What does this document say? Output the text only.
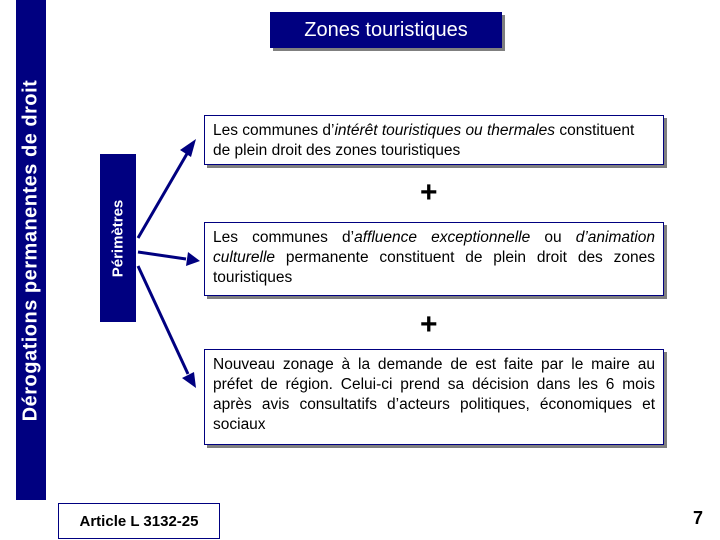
Zones touristiques
Dérogations permanentes de droit	Périmètres
Les communes d’intérêt touristiques ou thermales constituent de plein droit des zones touristiques
+
Les communes d’affluence exceptionnelle ou d’animation culturelle permanente constituent de plein droit des zones touristiques
+
Nouveau zonage à la demande de est faite par le maire au préfet de région. Celui-ci prend sa décision dans les 6 mois après avis consultatifs d’acteurs politiques, économiques et sociaux
Article L 3132-25	7
